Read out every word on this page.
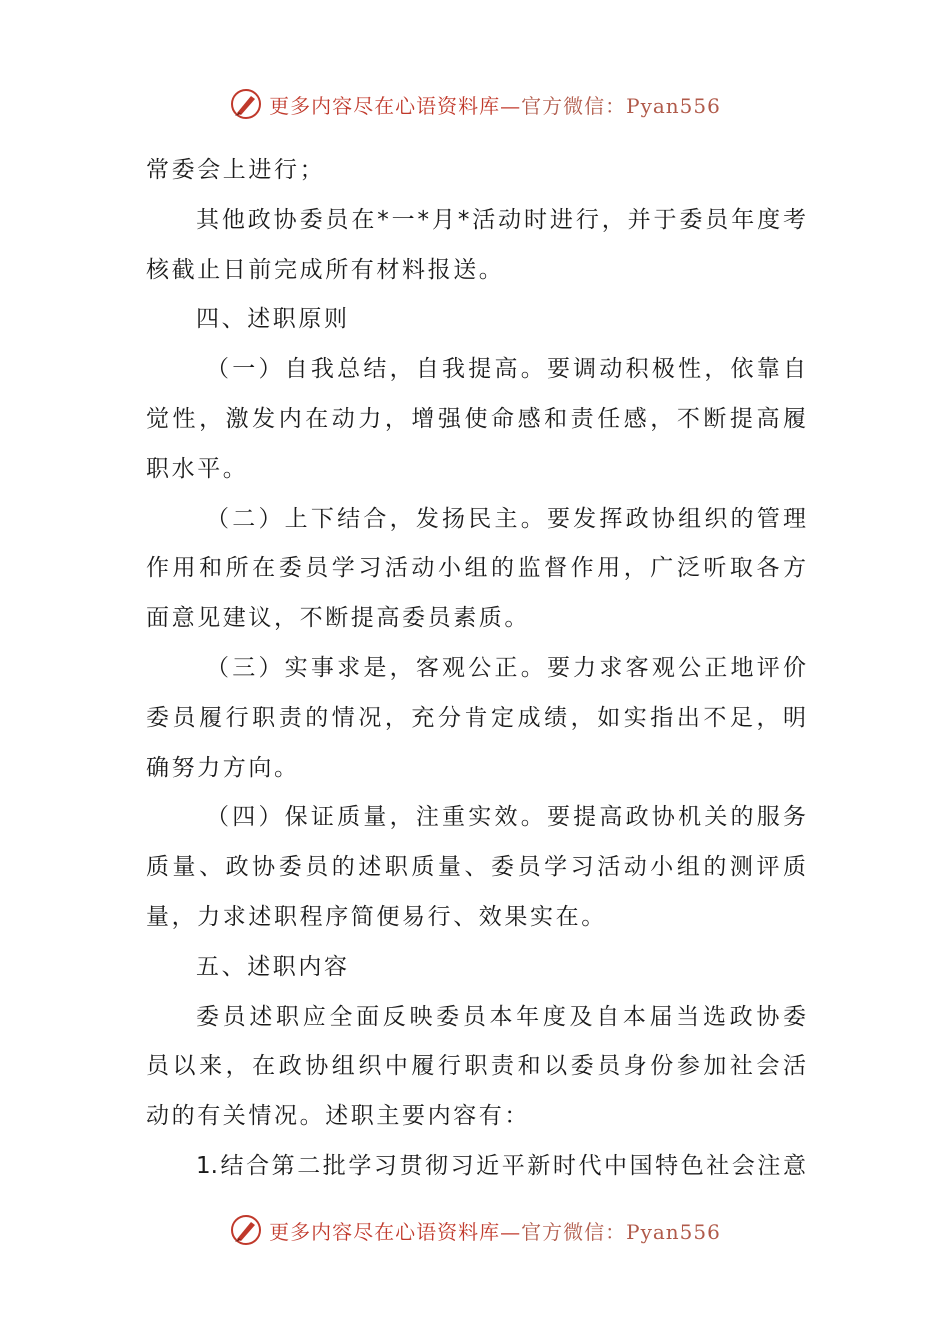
更多内容尽在心语资料库—官方微信：Pyan556
常委会上进行；
其他政协委员在*一*月*活动时进行，并于委员年度考
核截止日前完成所有材料报送。
四、述职原则
（一）自我总结，自我提高。要调动积极性，依靠自
觉性，激发内在动力，增强使命感和责任感，不断提高履
职水平。
（二）上下结合，发扬民主。要发挥政协组织的管理
作用和所在委员学习活动小组的监督作用，广泛听取各方
面意见建议，不断提高委员素质。
（三）实事求是，客观公正。要力求客观公正地评价
委员履行职责的情况，充分肯定成绩，如实指出不足，明
确努力方向。
（四）保证质量，注重实效。要提高政协机关的服务
质量、政协委员的述职质量、委员学习活动小组的测评质
量，力求述职程序简便易行、效果实在。
五、述职内容
委员述职应全面反映委员本年度及自本届当选政协委
员以来，在政协组织中履行职责和以委员身份参加社会活
动的有关情况。述职主要内容有：
1.结合第二批学习贯彻习近平新时代中国特色社会注意
更多内容尽在心语资料库—官方微信：Pyan556
